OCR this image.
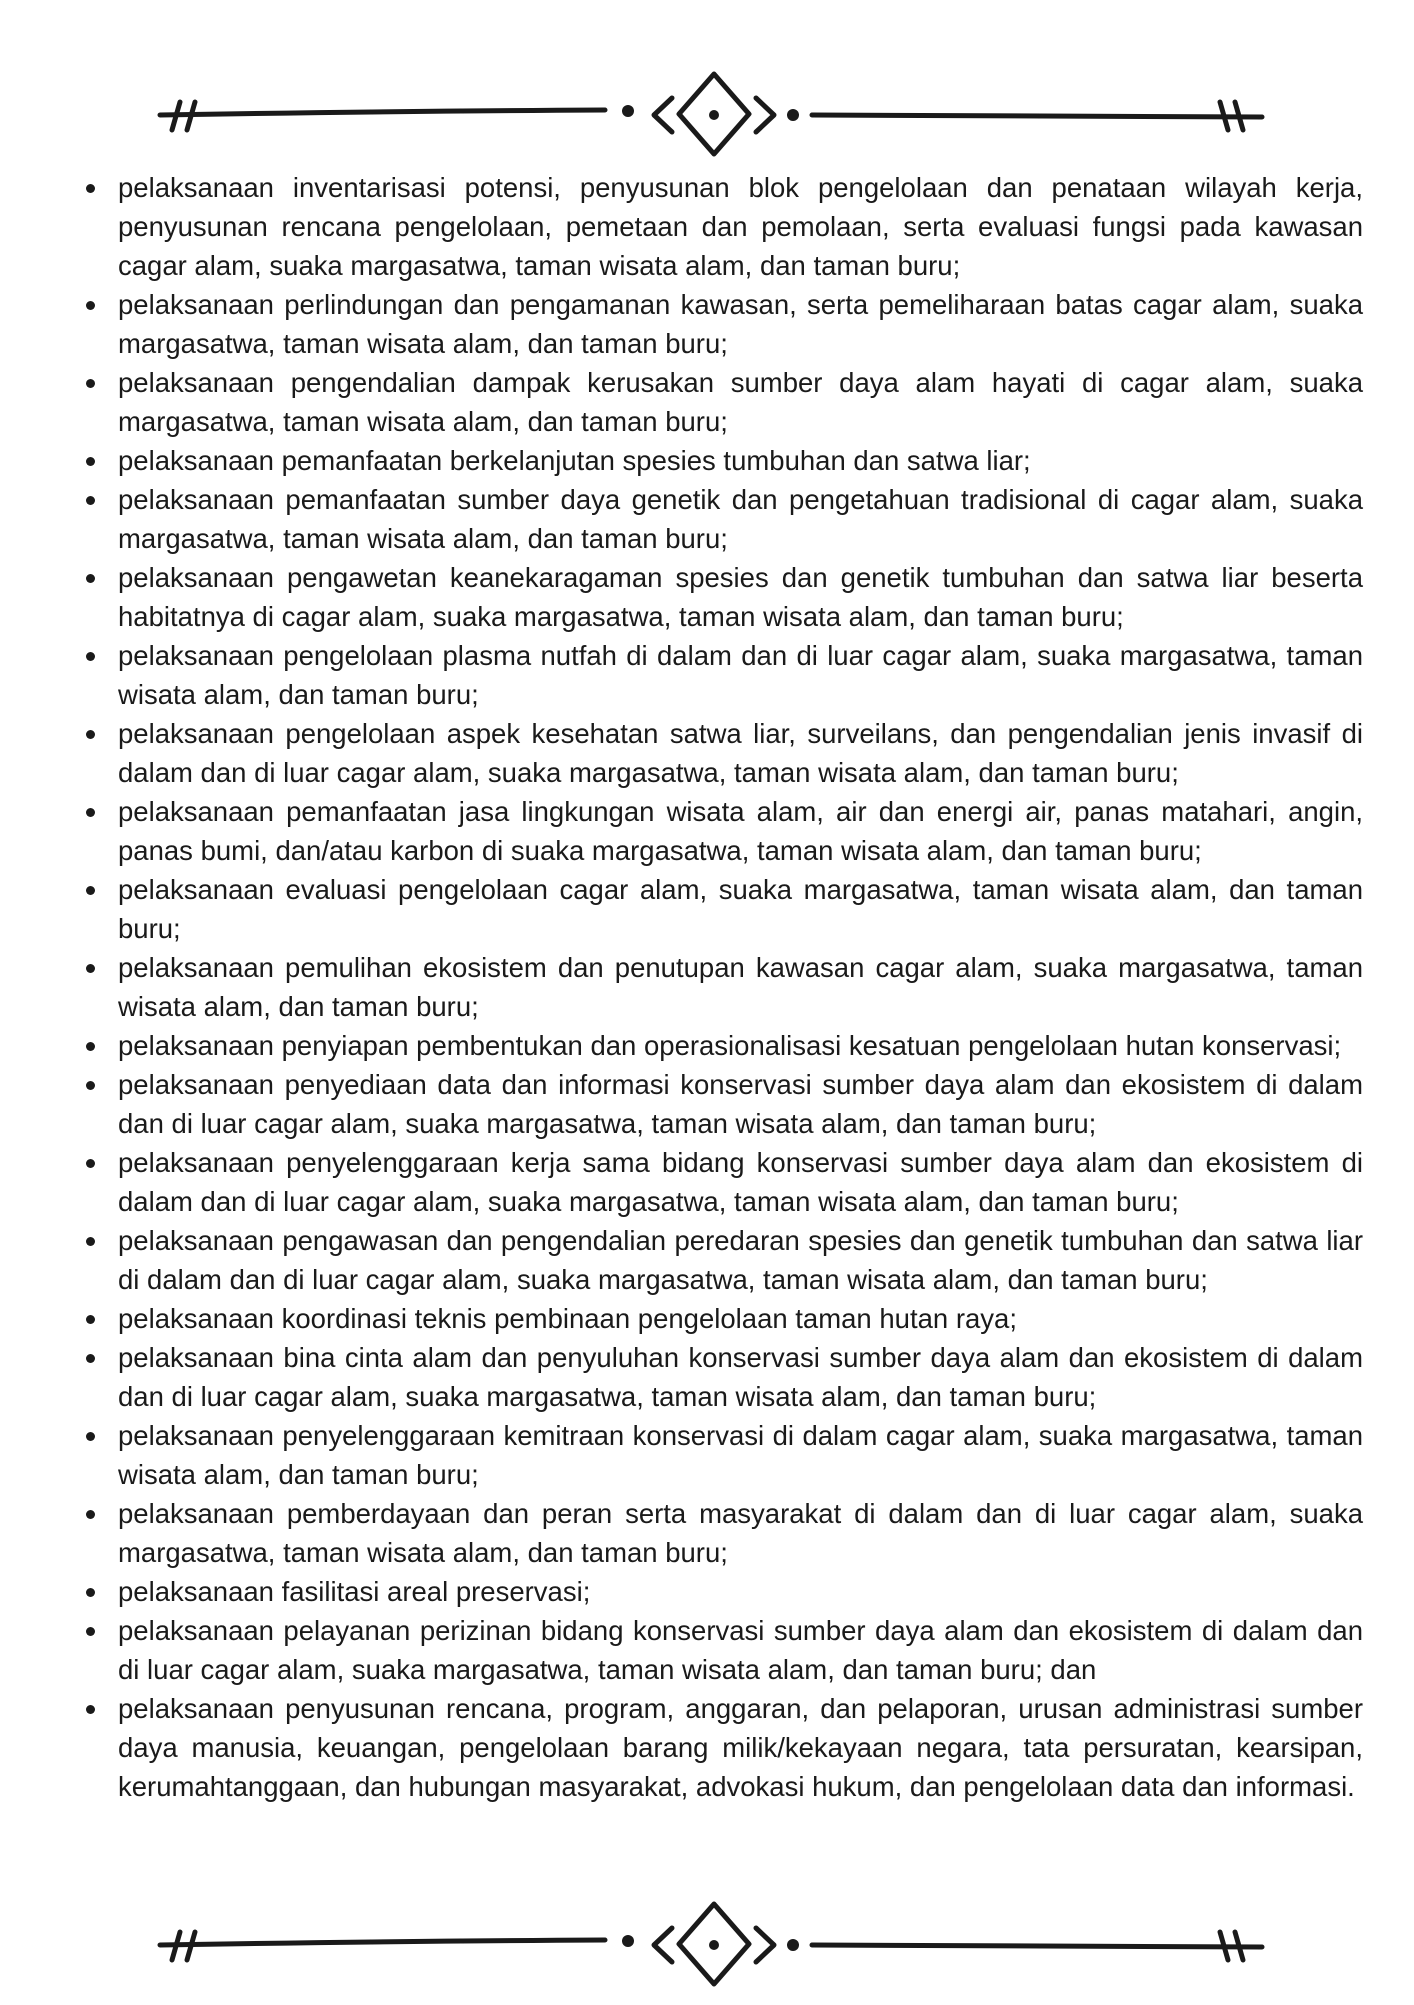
pelaksanaan inventarisasi potensi, penyusunan blok pengelolaan dan penataan wilayah kerja, penyusunan rencana pengelolaan, pemetaan dan pemolaan, serta evaluasi fungsi pada kawasan cagar alam, suaka margasatwa, taman wisata alam, dan taman buru;
pelaksanaan perlindungan dan pengamanan kawasan, serta pemeliharaan batas cagar alam, suaka margasatwa, taman wisata alam, dan taman buru;
pelaksanaan pengendalian dampak kerusakan sumber daya alam hayati di cagar alam, suaka margasatwa, taman wisata alam, dan taman buru;
pelaksanaan pemanfaatan berkelanjutan spesies tumbuhan dan satwa liar;
pelaksanaan pemanfaatan sumber daya genetik dan pengetahuan tradisional di cagar alam, suaka margasatwa, taman wisata alam, dan taman buru;
pelaksanaan pengawetan keanekaragaman spesies dan genetik tumbuhan dan satwa liar beserta habitatnya di cagar alam, suaka margasatwa, taman wisata alam, dan taman buru;
pelaksanaan pengelolaan plasma nutfah di dalam dan di luar cagar alam, suaka margasatwa, taman wisata alam, dan taman buru;
pelaksanaan pengelolaan aspek kesehatan satwa liar, surveilans, dan pengendalian jenis invasif di dalam dan di luar cagar alam, suaka margasatwa, taman wisata alam, dan taman buru;
pelaksanaan pemanfaatan jasa lingkungan wisata alam, air dan energi air, panas matahari, angin, panas bumi, dan/atau karbon di suaka margasatwa, taman wisata alam, dan taman buru;
pelaksanaan evaluasi pengelolaan cagar alam, suaka margasatwa, taman wisata alam, dan taman buru;
pelaksanaan pemulihan ekosistem dan penutupan kawasan cagar alam, suaka margasatwa, taman wisata alam, dan taman buru;
pelaksanaan penyiapan pembentukan dan operasionalisasi kesatuan pengelolaan hutan konservasi;
pelaksanaan penyediaan data dan informasi konservasi sumber daya alam dan ekosistem di dalam dan di luar cagar alam, suaka margasatwa, taman wisata alam, dan taman buru;
pelaksanaan penyelenggaraan kerja sama bidang konservasi sumber daya alam dan ekosistem di dalam dan di luar cagar alam, suaka margasatwa, taman wisata alam, dan taman buru;
pelaksanaan pengawasan dan pengendalian peredaran spesies dan genetik tumbuhan dan satwa liar di dalam dan di luar cagar alam, suaka margasatwa, taman wisata alam, dan taman buru;
pelaksanaan koordinasi teknis pembinaan pengelolaan taman hutan raya;
pelaksanaan bina cinta alam dan penyuluhan konservasi sumber daya alam dan ekosistem di dalam dan di luar cagar alam, suaka margasatwa, taman wisata alam, dan taman buru;
pelaksanaan penyelenggaraan kemitraan konservasi di dalam cagar alam, suaka margasatwa, taman wisata alam, dan taman buru;
pelaksanaan pemberdayaan dan peran serta masyarakat di dalam dan di luar cagar alam, suaka margasatwa, taman wisata alam, dan taman buru;
pelaksanaan fasilitasi areal preservasi;
pelaksanaan pelayanan perizinan bidang konservasi sumber daya alam dan ekosistem di dalam dan di luar cagar alam, suaka margasatwa, taman wisata alam, dan taman buru; dan
pelaksanaan penyusunan rencana, program, anggaran, dan pelaporan, urusan administrasi sumber daya manusia, keuangan, pengelolaan barang milik/kekayaan negara, tata persuratan, kearsipan, kerumahtanggaan, dan hubungan masyarakat, advokasi hukum, dan pengelolaan data dan informasi.
